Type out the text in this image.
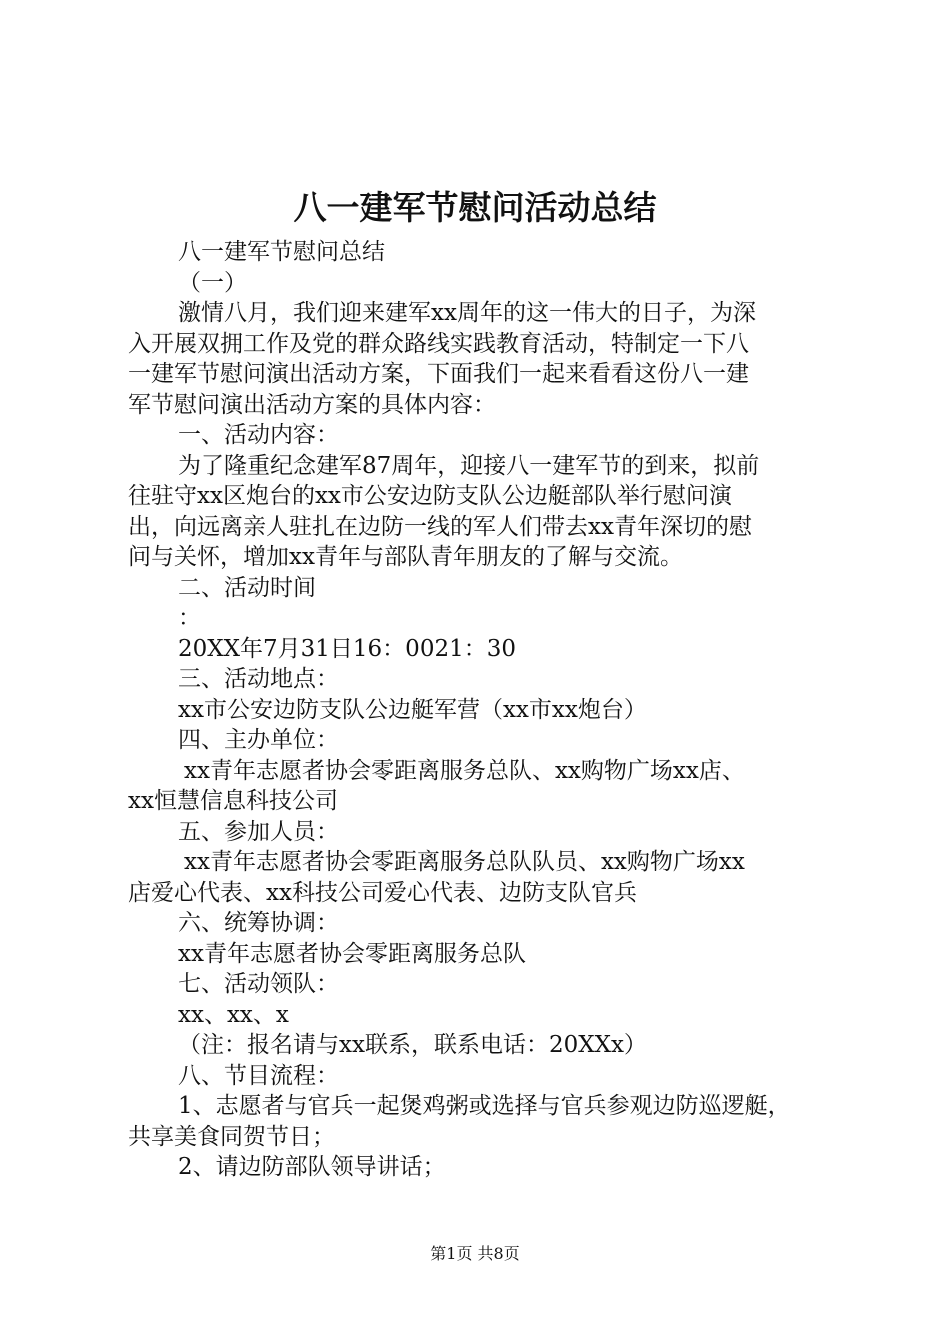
八一建军节慰问活动总结
八一建军节慰问总结
（一）
激情八月，我们迎来建军xx周年的这一伟大的日子，为深
入开展双拥工作及党的群众路线实践教育活动，特制定一下八
一建军节慰问演出活动方案，下面我们一起来看看这份八一建
军节慰问演出活动方案的具体内容：
一、活动内容：
为了隆重纪念建军87周年，迎接八一建军节的到来，拟前
往驻守xx区炮台的xx市公安边防支队公边艇部队举行慰问演
出，向远离亲人驻扎在边防一线的军人们带去xx青年深切的慰
问与关怀，增加xx青年与部队青年朋友的了解与交流。
二、活动时间
：
20XX年7月31日16：0021：30
三、活动地点：
xx市公安边防支队公边艇军营（xx市xx炮台）
四、主办单位：
xx青年志愿者协会零距离服务总队、xx购物广场xx店、
xx恒慧信息科技公司
五、参加人员：
xx青年志愿者协会零距离服务总队队员、xx购物广场xx
店爱心代表、xx科技公司爱心代表、边防支队官兵
六、统筹协调：
xx青年志愿者协会零距离服务总队
七、活动领队：
xx、xx、x
（注：报名请与xx联系，联系电话：20XXx）
八、节目流程：
1、志愿者与官兵一起煲鸡粥或选择与官兵参观边防巡逻艇，
共享美食同贺节日；
2、请边防部队领导讲话；
第1页 共8页
